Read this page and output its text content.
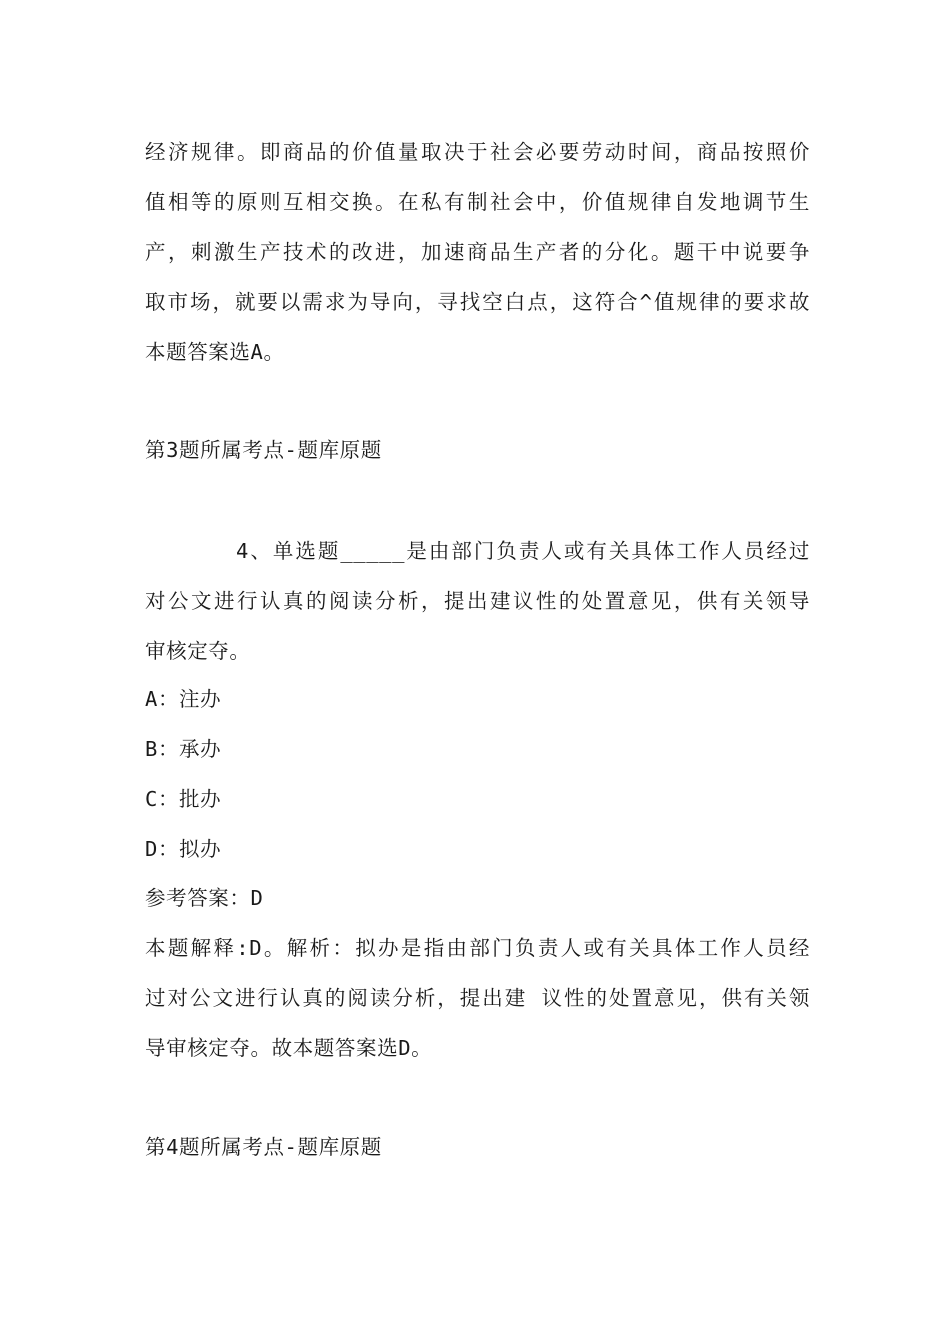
经济规律。即商品的价值量取决于社会必要劳动时间，商品按照价
值相等的原则互相交换。在私有制社会中，价值规律自发地调节生
产，刺激生产技术的改进，加速商品生产者的分化。题干中说要争
取市场，就要以需求为导向，寻找空白点，这符合^值规律的要求故
本题答案选A。
第3题所属考点-题库原题
4、单选题_____是由部门负责人或有关具体工作人员经过
对公文进行认真的阅读分析，提出建议性的处置意见，供有关领导
审核定夺。
A：注办
B：承办
C：批办
D：拟办
参考答案：D
本题解释:D。解析：拟办是指由部门负责人或有关具体工作人员经
过对公文进行认真的阅读分析，提出建 议性的处置意见，供有关领
导审核定夺。故本题答案选D。
第4题所属考点-题库原题
